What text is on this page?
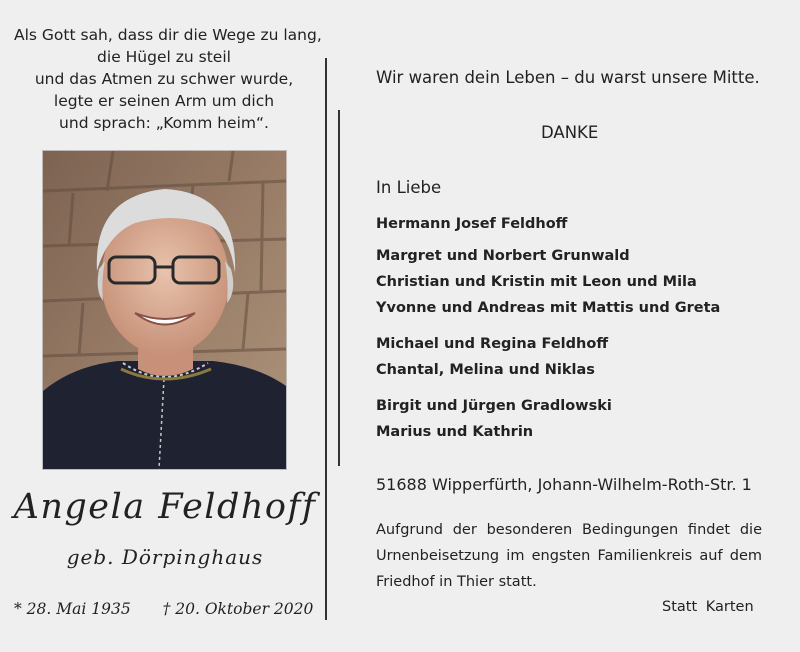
Als Gott sah, dass dir die Wege zu lang,
die Hügel zu steil
und das Atmen zu schwer wurde,
legte er seinen Arm um dich
und sprach: „Komm heim“.
Angela Feldhoff
geb. Dörpinghaus
* 28. Mai 1935 † 20. Oktober 2020
Wir waren dein Leben – du warst unsere Mitte.
DANKE
In Liebe
Hermann Josef Feldhoff
Margret und Norbert Grunwald
Christian und Kristin mit Leon und Mila
Yvonne und Andreas mit Mattis und Greta
Michael und Regina Feldhoff
Chantal, Melina und Niklas
Birgit und Jürgen Gradlowski
Marius und Kathrin
51688 Wipperfürth, Johann-Wilhelm-Roth-Str. 1
Aufgrund der besonderen Bedingungen findet die Urnenbeisetzung im engsten Familienkreis auf dem Friedhof in Thier statt.
Statt Karten
